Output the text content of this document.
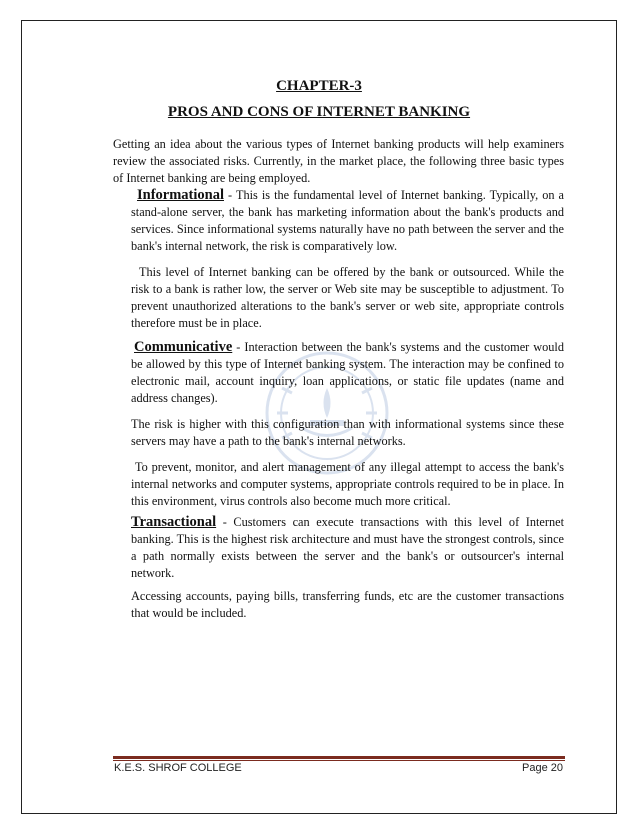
CHAPTER-3
PROS AND CONS OF INTERNET BANKING

Getting an idea about the various types of Internet banking products will help examiners review the associated risks. Currently, in the market place, the following three basic types of Internet banking are being employed.

Informational - This is the fundamental level of Internet banking. Typically, on a stand-alone server, the bank has marketing information about the bank's products and services. Since informational systems naturally have no path between the server and the bank's internal network, the risk is comparatively low.

This level of Internet banking can be offered by the bank or outsourced. While the risk to a bank is rather low, the server or Web site may be susceptible to adjustment. To prevent unauthorized alterations to the bank's server or web site, appropriate controls therefore must be in place.

Communicative - Interaction between the bank's systems and the customer would be allowed by this type of Internet banking system. The interaction may be confined to electronic mail, account inquiry, loan applications, or static file updates (name and address changes).

The risk is higher with this configuration than with informational systems since these servers may have a path to the bank's internal networks.

To prevent, monitor, and alert management of any illegal attempt to access the bank's internal networks and computer systems, appropriate controls required to be in place. In this environment, virus controls also become much more critical.

Transactional - Customers can execute transactions with this level of Internet banking. This is the highest risk architecture and must have the strongest controls, since a path normally exists between the server and the bank's or outsourcer's internal network.

Accessing accounts, paying bills, transferring funds, etc are the customer transactions that would be included.

K.E.S. SHROF COLLEGE	Page 20
